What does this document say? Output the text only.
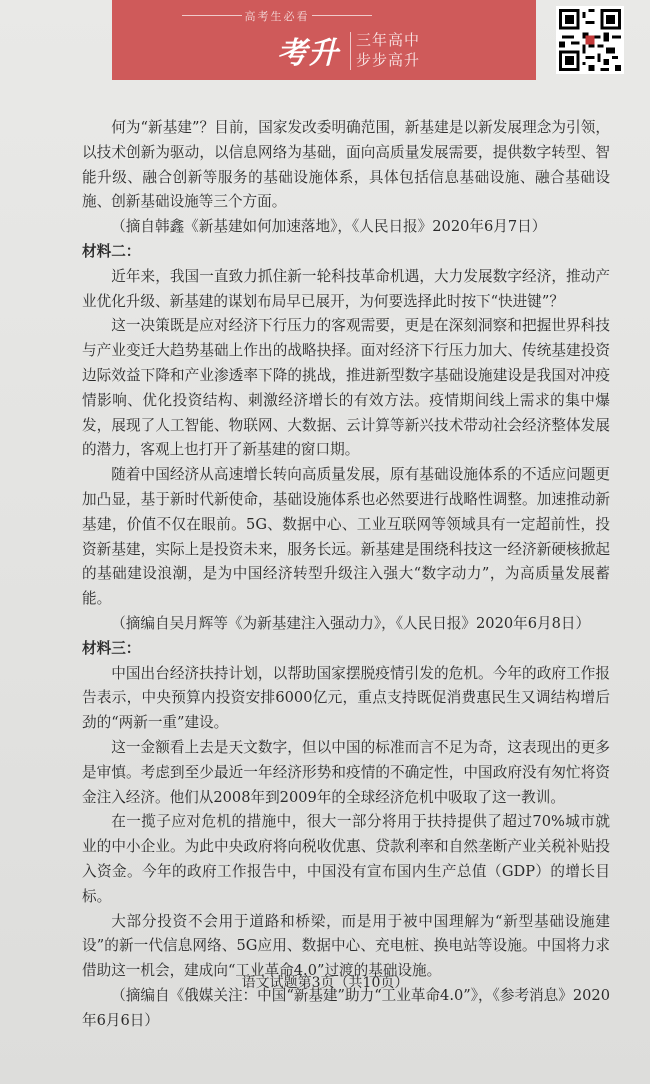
高考生必看
考升 三年高中
步步高升

何为“新基建”？目前，国家发改委明确范围，新基建是以新发展理念为引领，以技术创新为驱动，以信息网络为基础，面向高质量发展需要，提供数字转型、智能升级、融合创新等服务的基础设施体系，具体包括信息基础设施、融合基础设施、创新基础设施等三个方面。

（摘自韩鑫《新基建如何加速落地》，《人民日报》2020年6月7日）

材料二：

近年来，我国一直致力抓住新一轮科技革命机遇，大力发展数字经济，推动产业优化升级、新基建的谋划布局早已展开，为何要选择此时按下“快进键”？

这一决策既是应对经济下行压力的客观需要，更是在深刻洞察和把握世界科技与产业变迁大趋势基础上作出的战略抉择。面对经济下行压力加大、传统基建投资边际效益下降和产业渗透率下降的挑战，推进新型数字基础设施建设是我国对冲疫情影响、优化投资结构、刺激经济增长的有效方法。疫情期间线上需求的集中爆发，展现了人工智能、物联网、大数据、云计算等新兴技术带动社会经济整体发展的潜力，客观上也打开了新基建的窗口期。

随着中国经济从高速增长转向高质量发展，原有基础设施体系的不适应问题更加凸显，基于新时代新使命，基础设施体系也必然要进行战略性调整。加速推动新基建，价值不仅在眼前。5G、数据中心、工业互联网等领域具有一定超前性，投资新基建，实际上是投资未来，服务长远。新基建是围绕科技这一经济新硬核掀起的基础建设浪潮，是为中国经济转型升级注入强大“数字动力”，为高质量发展蓄能。

（摘编自吴月辉等《为新基建注入强动力》，《人民日报》2020年6月8日）

材料三：

中国出台经济扶持计划，以帮助国家摆脱疫情引发的危机。今年的政府工作报告表示，中央预算内投资安排6000亿元，重点支持既促消费惠民生又调结构增后劲的“两新一重”建设。

这一金额看上去是天文数字，但以中国的标准而言不足为奇，这表现出的更多是审慎。考虑到至少最近一年经济形势和疫情的不确定性，中国政府没有匆忙将资金注入经济。他们从2008年到2009年的全球经济危机中吸取了这一教训。

在一揽子应对危机的措施中，很大一部分将用于扶持提供了超过70%城市就业的中小企业。为此中央政府将向税收优惠、贷款利率和自然垄断产业关税补贴投入资金。今年的政府工作报告中，中国没有宣布国内生产总值（GDP）的增长目标。

大部分投资不会用于道路和桥梁，而是用于被中国理解为“新型基础设施建设”的新一代信息网络、5G应用、数据中心、充电桩、换电站等设施。中国将力求借助这一机会，建成向“工业革命4.0”过渡的基础设施。

（摘编自《俄媒关注：中国“新基建”助力“工业革命4.0”》，《参考消息》2020年6月6日）

语文试题第3页（共10页）
